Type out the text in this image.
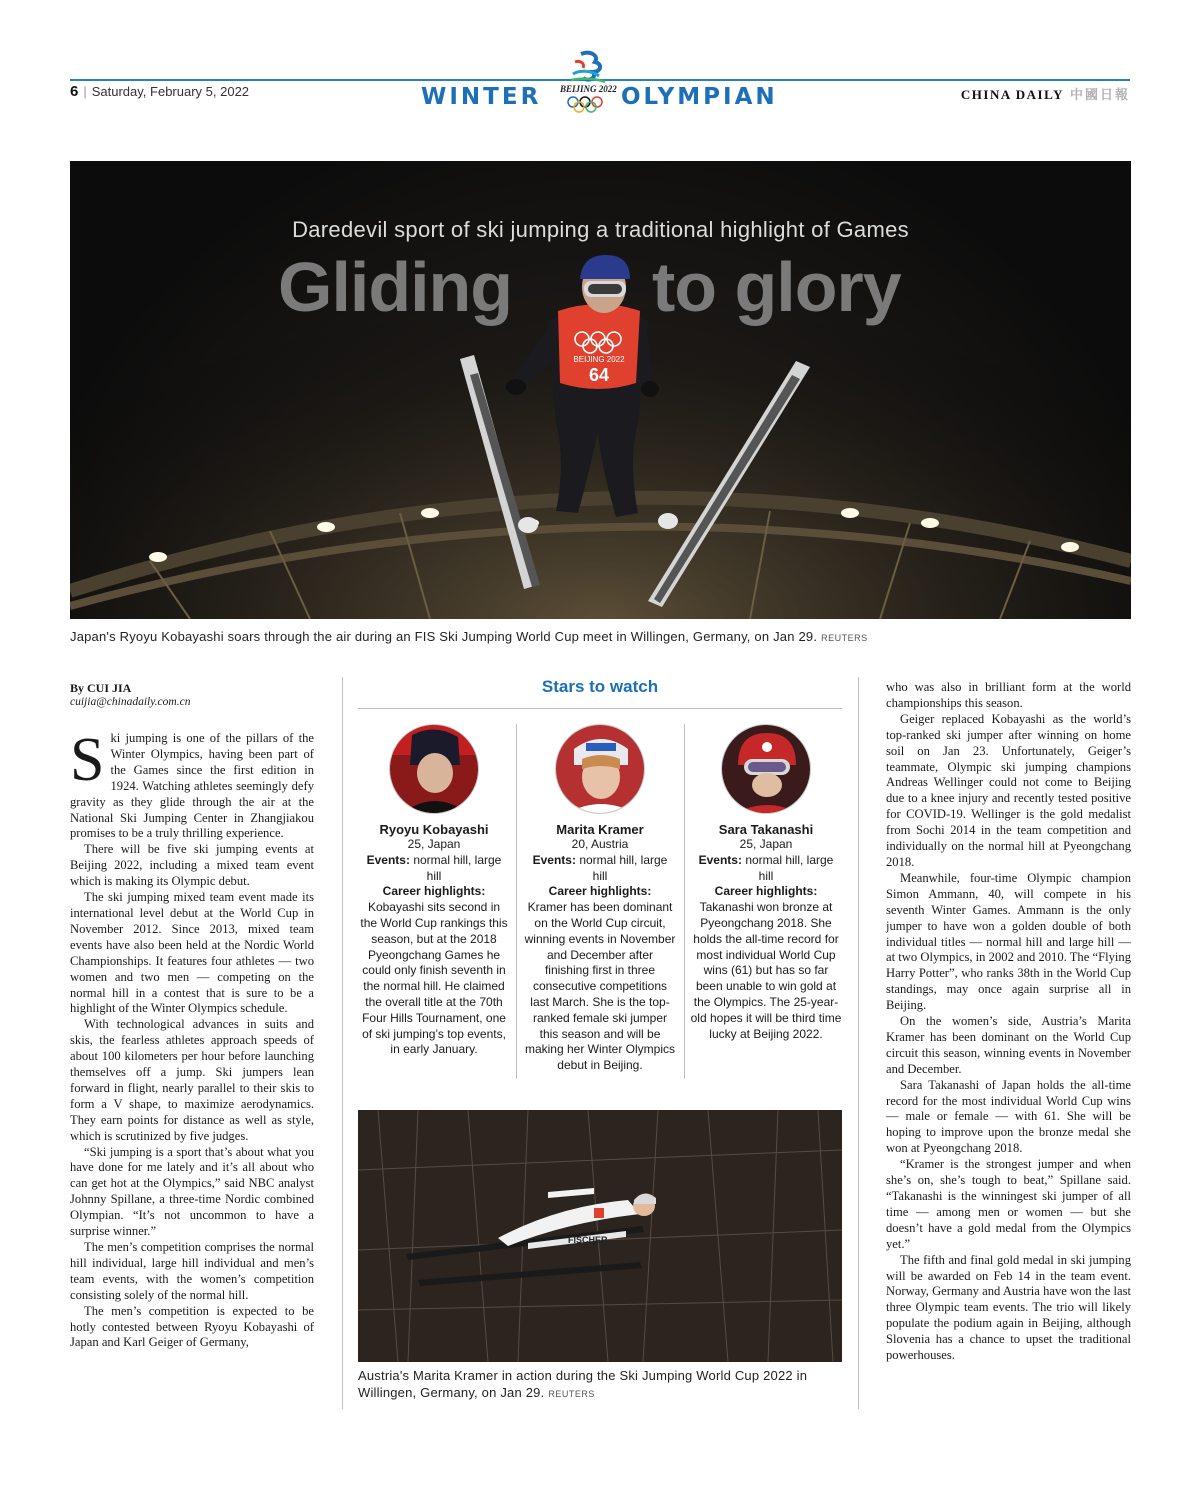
6 | Saturday, February 5, 2022	WINTER BEIJING 2022 OLYMPIAN	CHINA DAILY 中國日報
BEIJING 2022
64
Daredevil sport of ski jumping a traditional highlight of Games
Gliding to glory
Japan's Ryoyu Kobayashi soars through the air during an FIS Ski Jumping World Cup meet in Willingen, Germany, on Jan 29. REUTERS
By CUI JIA
cuijia@chinadaily.com.cn

Ski jumping is one of the pillars of the Winter Olympics, having been part of the Games since the first edition in 1924. Watching athletes seemingly defy gravity as they glide through the air at the National Ski Jumping Center in Zhangjiakou promises to be a truly thrilling experience.

There will be five ski jumping events at Beijing 2022, including a mixed team event which is making its Olympic debut.

The ski jumping mixed team event made its international level debut at the World Cup in November 2012. Since 2013, mixed team events have also been held at the Nordic World Championships. It features four athletes — two women and two men — competing on the normal hill in a contest that is sure to be a highlight of the Winter Olympics schedule.

With technological advances in suits and skis, the fearless athletes approach speeds of about 100 kilometers per hour before launching themselves off a jump. Ski jumpers lean forward in flight, nearly parallel to their skis to form a V shape, to maximize aerodynamics. They earn points for distance as well as style, which is scrutinized by five judges.

“Ski jumping is a sport that’s about what you have done for me lately and it’s all about who can get hot at the Olympics,” said NBC analyst Johnny Spillane, a three-time Nordic combined Olympian. “It’s not uncommon to have a surprise winner.”

The men’s competition comprises the normal hill individual, large hill individual and men’s team events, with the women’s competition consisting solely of the normal hill.

The men’s competition is expected to be hotly contested between Ryoyu Kobayashi of Japan and Karl Geiger of Germany,

Stars to watch
Ryoyu Kobayashi
25, Japan
Events: normal hill, large hill
Career highlights:
Kobayashi sits second in the World Cup rankings this season, but at the 2018 Pyeongchang Games he could only finish seventh in the normal hill. He claimed the overall title at the 70th Four Hills Tournament, one of ski jumping’s top events, in early January.
Marita Kramer
20, Austria
Events: normal hill, large hill
Career highlights:
Kramer has been dominant on the World Cup circuit, winning events in November and December after finishing first in three consecutive competitions last March. She is the top-ranked female ski jumper this season and will be making her Winter Olympics debut in Beijing.
Sara Takanashi
25, Japan
Events: normal hill, large hill
Career highlights:
Takanashi won bronze at Pyeongchang 2018. She holds the all-time record for most individual World Cup wins (61) but has so far been unable to win gold at the Olympics. The 25-year-old hopes it will be third time lucky at Beijing 2022.
FISCHER
Austria's Marita Kramer in action during the Ski Jumping World Cup 2022 in Willingen, Germany, on Jan 29. REUTERS

who was also in brilliant form at the world championships this season.

Geiger replaced Kobayashi as the world’s top-ranked ski jumper after winning on home soil on Jan 23. Unfortunately, Geiger’s teammate, Olympic ski jumping champions Andreas Wellinger could not come to Beijing due to a knee injury and recently tested positive for COVID-19. Wellinger is the gold medalist from Sochi 2014 in the team competition and individually on the normal hill at Pyeongchang 2018.

Meanwhile, four-time Olympic champion Simon Ammann, 40, will compete in his seventh Winter Games. Ammann is the only jumper to have won a golden double of both individual titles — normal hill and large hill — at two Olympics, in 2002 and 2010. The “Flying Harry Potter”, who ranks 38th in the World Cup standings, may once again surprise all in Beijing.

On the women’s side, Austria’s Marita Kramer has been dominant on the World Cup circuit this season, winning events in November and December.

Sara Takanashi of Japan holds the all-time record for the most individual World Cup wins — male or female — with 61. She will be hoping to improve upon the bronze medal she won at Pyeongchang 2018.

“Kramer is the strongest jumper and when she’s on, she’s tough to beat,” Spillane said. “Takanashi is the winningest ski jumper of all time — among men or women — but she doesn’t have a gold medal from the Olympics yet.”

The fifth and final gold medal in ski jumping will be awarded on Feb 14 in the team event. Norway, Germany and Austria have won the last three Olympic team events. The trio will likely populate the podium again in Beijing, although Slovenia has a chance to upset the traditional powerhouses.
